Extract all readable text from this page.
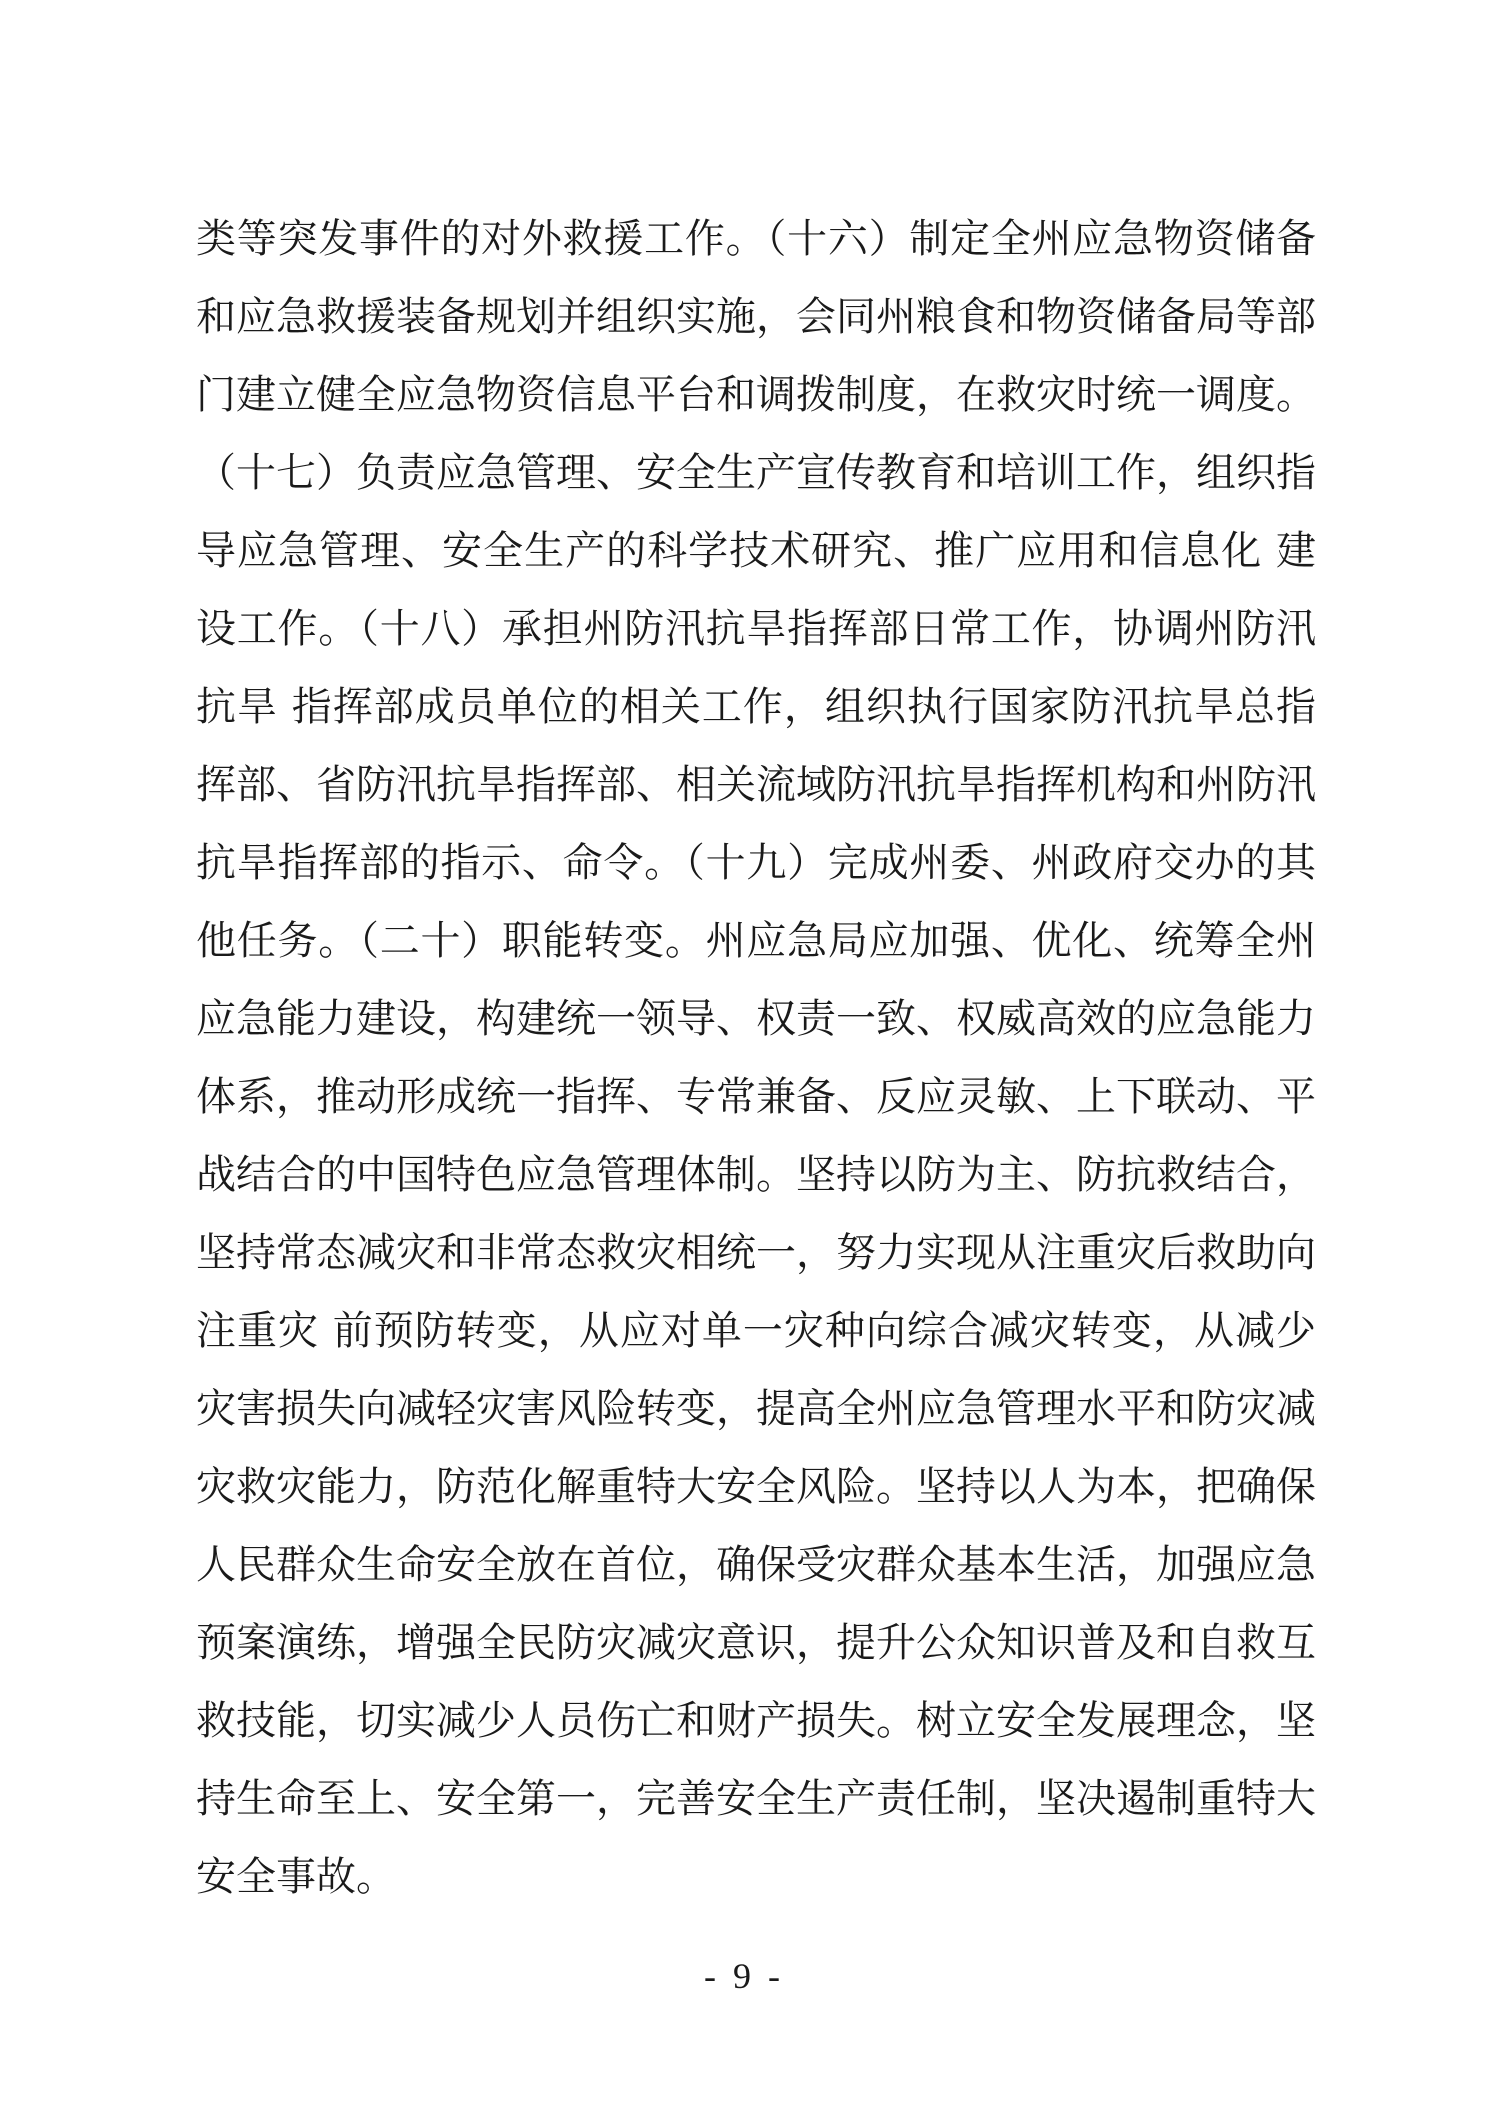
类等突发事件的对外救援工作。（十六）制定全州应急物资储备
和应急救援装备规划并组织实施，会同州粮食和物资储备局等部
门建立健全应急物资信息平台和调拨制度，在救灾时统一调度。
（十七）负责应急管理、安全生产宣传教育和培训工作，组织指
导应急管理、安全生产的科学技术研究、推广应用和信息化 建
设工作。（十八）承担州防汛抗旱指挥部日常工作，协调州防汛
抗旱 指挥部成员单位的相关工作，组织执行国家防汛抗旱总指
挥部、省防汛抗旱指挥部、相关流域防汛抗旱指挥机构和州防汛
抗旱指挥部的指示、命令。（十九）完成州委、州政府交办的其
他任务。（二十）职能转变。州应急局应加强、优化、统筹全州
应急能力建设，构建统一领导、权责一致、权威高效的应急能力
体系，推动形成统一指挥、专常兼备、反应灵敏、上下联动、平
战结合的中国特色应急管理体制。坚持以防为主、防抗救结合，
坚持常态减灾和非常态救灾相统一，努力实现从注重灾后救助向
注重灾 前预防转变，从应对单一灾种向综合减灾转变，从减少
灾害损失向减轻灾害风险转变，提高全州应急管理水平和防灾减
灾救灾能力，防范化解重特大安全风险。坚持以人为本，把确保
人民群众生命安全放在首位，确保受灾群众基本生活，加强应急
预案演练，增强全民防灾减灾意识，提升公众知识普及和自救互
救技能，切实减少人员伤亡和财产损失。树立安全发展理念，坚
持生命至上、安全第一，完善安全生产责任制，坚决遏制重特大
安全事故。
- 9 -
